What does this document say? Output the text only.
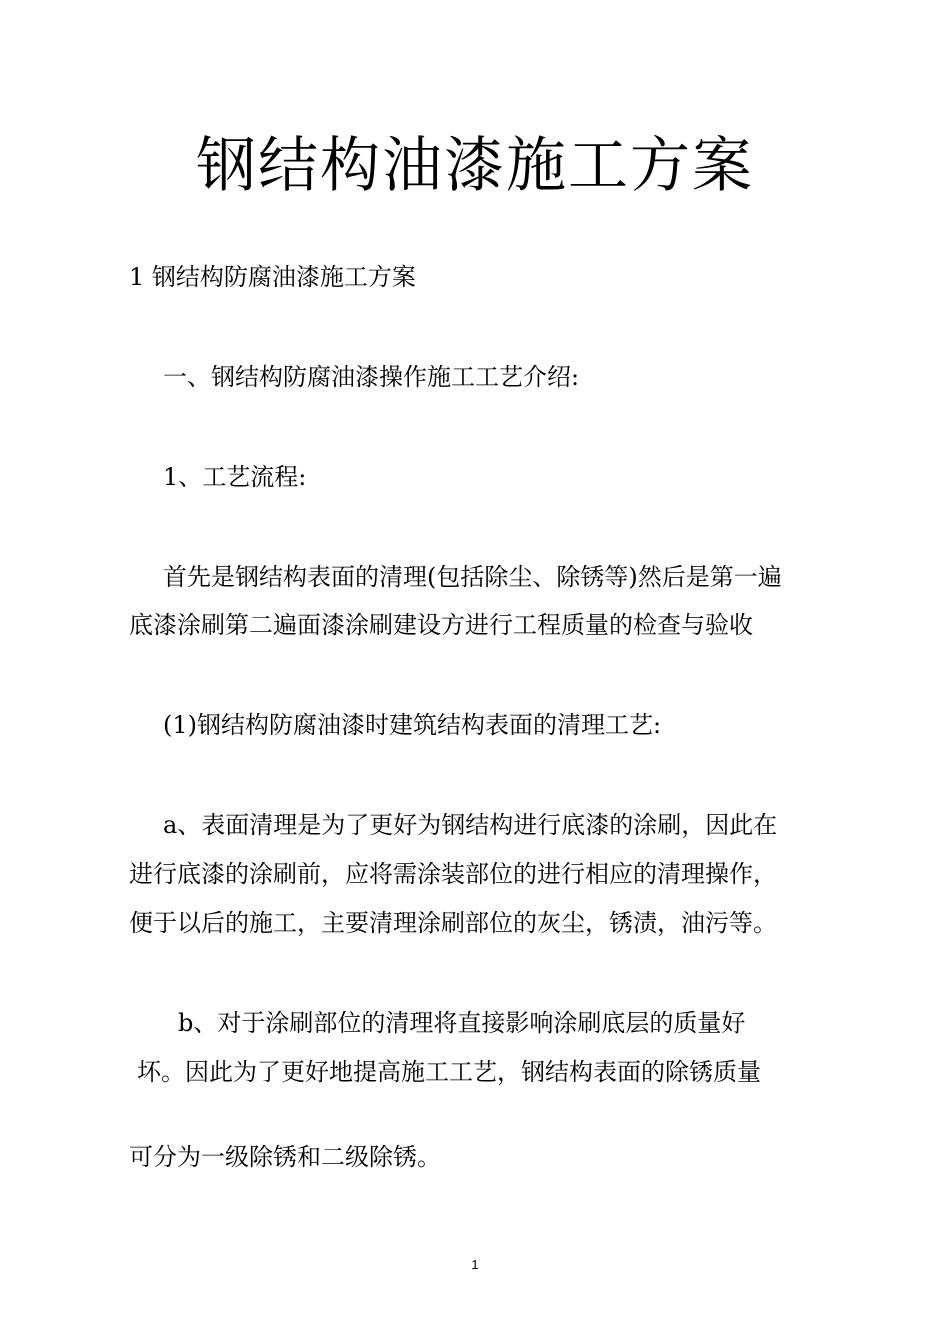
钢结构油漆施工方案
1 钢结构防腐油漆施工方案
一、钢结构防腐油漆操作施工工艺介绍:
1、工艺流程:
首先是钢结构表面的清理(包括除尘、除锈等)然后是第一遍
底漆涂刷第二遍面漆涂刷建设方进行工程质量的检查与验收
(1)钢结构防腐油漆时建筑结构表面的清理工艺:
a、表面清理是为了更好为钢结构进行底漆的涂刷，因此在
进行底漆的涂刷前，应将需涂装部位的进行相应的清理操作，
便于以后的施工，主要清理涂刷部位的灰尘，锈渍，油污等。
b、对于涂刷部位的清理将直接影响涂刷底层的质量好
坏。因此为了更好地提高施工工艺，钢结构表面的除锈质量
可分为一级除锈和二级除锈。
1
